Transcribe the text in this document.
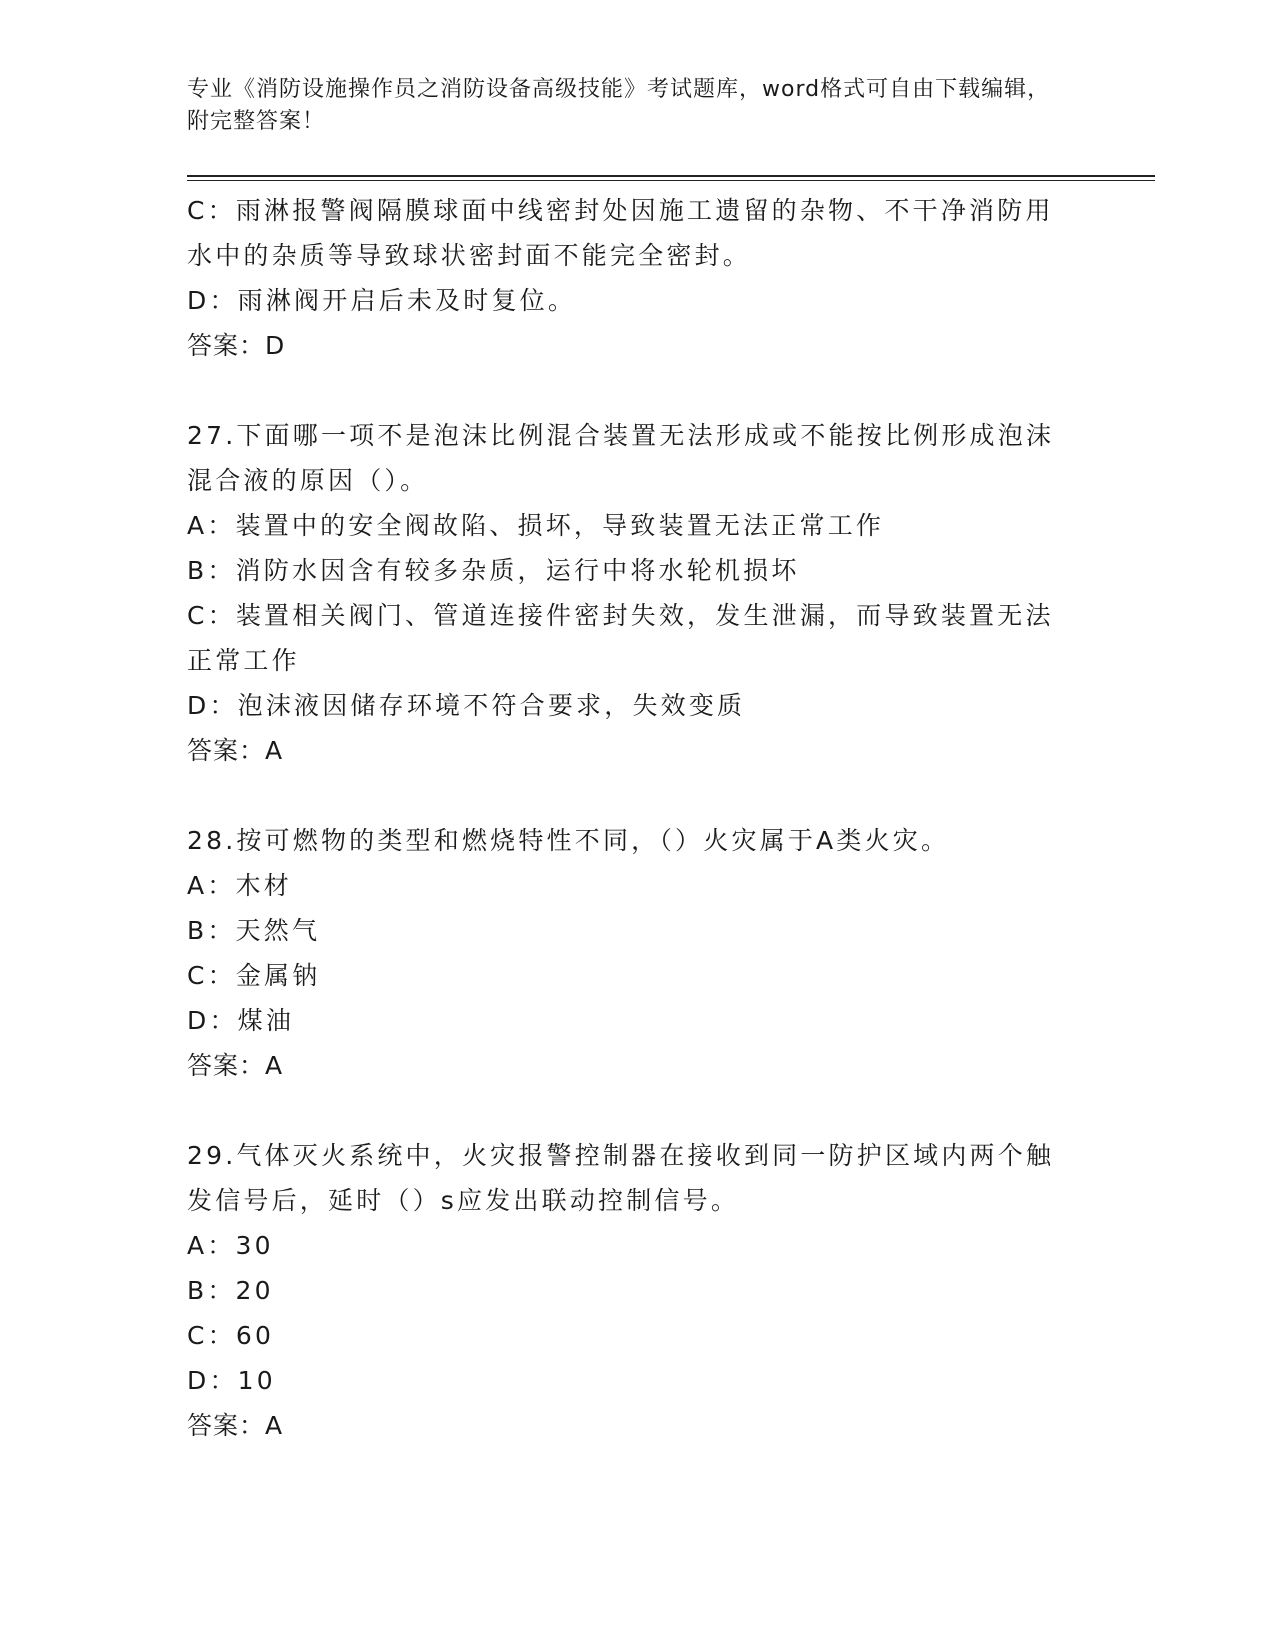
专业《消防设施操作员之消防设备高级技能》考试题库，word格式可自由下载编辑，附完整答案！
C：雨淋报警阀隔膜球面中线密封处因施工遗留的杂物、不干净消防用水中的杂质等导致球状密封面不能完全密封。
D：雨淋阀开启后未及时复位。
答案：D
27.下面哪一项不是泡沫比例混合装置无法形成或不能按比例形成泡沫混合液的原因（）。
A：装置中的安全阀故陷、损坏，导致装置无法正常工作
B：消防水因含有较多杂质，运行中将水轮机损坏
C：装置相关阀门、管道连接件密封失效，发生泄漏，而导致装置无法正常工作
D：泡沫液因储存环境不符合要求，失效变质
答案：A
28.按可燃物的类型和燃烧特性不同，（）火灾属于A类火灾。
A：木材
B：天然气
C：金属钠
D：煤油
答案：A
29.气体灭火系统中，火灾报警控制器在接收到同一防护区域内两个触发信号后，延时（）s应发出联动控制信号。
A：30
B：20
C：60
D：10
答案：A
